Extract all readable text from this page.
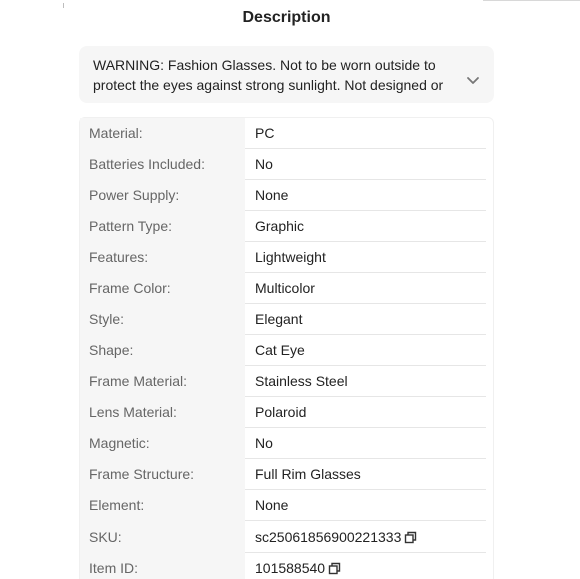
Description
WARNING: Fashion Glasses. Not to be worn outside to protect the eyes against strong sunlight. Not designed or
Material:	PC
Batteries Included:	No
Power Supply:	None
Pattern Type:	Graphic
Features:	Lightweight
Frame Color:	Multicolor
Style:	Elegant
Shape:	Cat Eye
Frame Material:	Stainless Steel
Lens Material:	Polaroid
Magnetic:	No
Frame Structure:	Full Rim Glasses
Element:	None
SKU:	sc25061856900221333
Item ID:	101588540
